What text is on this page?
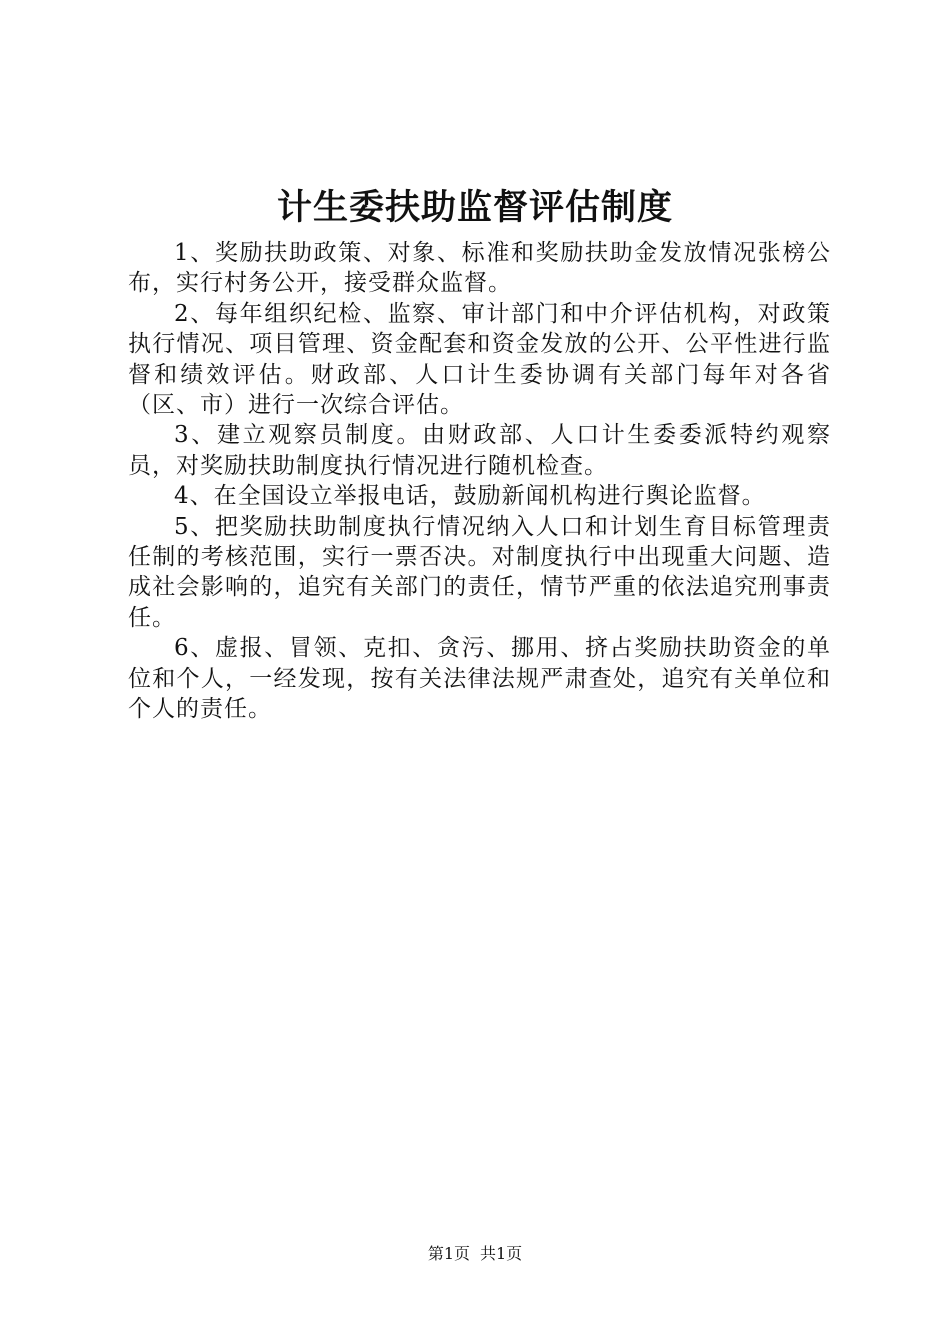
计生委扶助监督评估制度

1、奖励扶助政策、对象、标准和奖励扶助金发放情况张榜公布，实行村务公开，接受群众监督。

2、每年组织纪检、监察、审计部门和中介评估机构，对政策执行情况、项目管理、资金配套和资金发放的公开、公平性进行监督和绩效评估。财政部、人口计生委协调有关部门每年对各省（区、市）进行一次综合评估。

3、建立观察员制度。由财政部、人口计生委委派特约观察员，对奖励扶助制度执行情况进行随机检查。

4、在全国设立举报电话，鼓励新闻机构进行舆论监督。

5、把奖励扶助制度执行情况纳入人口和计划生育目标管理责任制的考核范围，实行一票否决。对制度执行中出现重大问题、造成社会影响的，追究有关部门的责任，情节严重的依法追究刑事责任。

6、虚报、冒领、克扣、贪污、挪用、挤占奖励扶助资金的单位和个人，一经发现，按有关法律法规严肃查处，追究有关单位和个人的责任。

第1页 共1页
